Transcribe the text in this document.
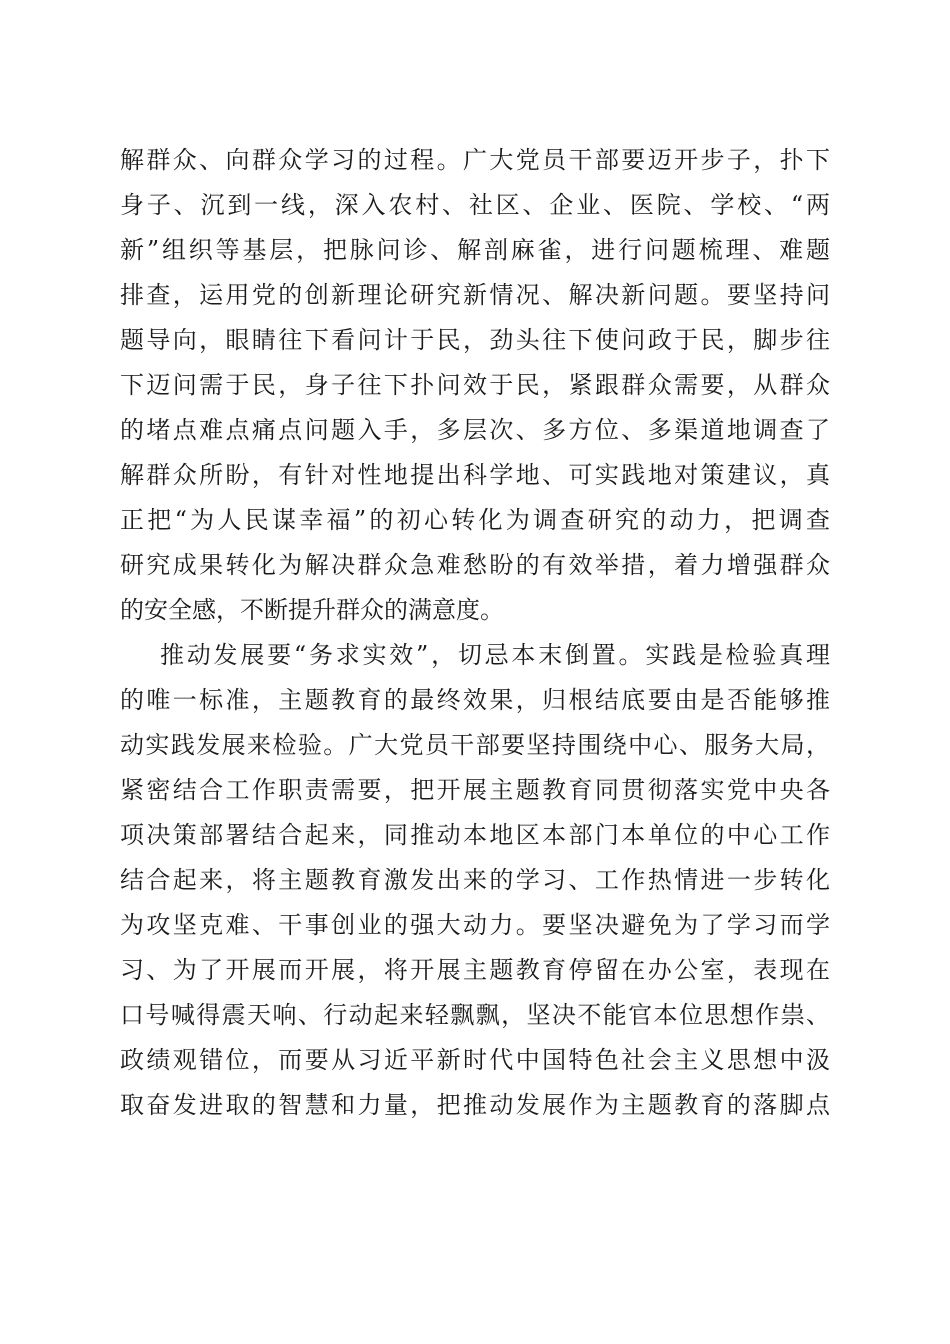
解群众、向群众学习的过程。广大党员干部要迈开步子，扑下
身子、沉到一线，深入农村、社区、企业、医院、学校、“两
新”组织等基层，把脉问诊、解剖麻雀，进行问题梳理、难题
排查，运用党的创新理论研究新情况、解决新问题。要坚持问
题导向，眼睛往下看问计于民，劲头往下使问政于民，脚步往
下迈问需于民，身子往下扑问效于民，紧跟群众需要，从群众
的堵点难点痛点问题入手，多层次、多方位、多渠道地调查了
解群众所盼，有针对性地提出科学地、可实践地对策建议，真
正把“为人民谋幸福”的初心转化为调查研究的动力，把调查
研究成果转化为解决群众急难愁盼的有效举措，着力增强群众
的安全感，不断提升群众的满意度。
推动发展要“务求实效”，切忌本末倒置。实践是检验真理
的唯一标准，主题教育的最终效果，归根结底要由是否能够推
动实践发展来检验。广大党员干部要坚持围绕中心、服务大局，
紧密结合工作职责需要，把开展主题教育同贯彻落实党中央各
项决策部署结合起来，同推动本地区本部门本单位的中心工作
结合起来，将主题教育激发出来的学习、工作热情进一步转化
为攻坚克难、干事创业的强大动力。要坚决避免为了学习而学
习、为了开展而开展，将开展主题教育停留在办公室，表现在
口号喊得震天响、行动起来轻飘飘，坚决不能官本位思想作祟、
政绩观错位，而要从习近平新时代中国特色社会主义思想中汲
取奋发进取的智慧和力量，把推动发展作为主题教育的落脚点
